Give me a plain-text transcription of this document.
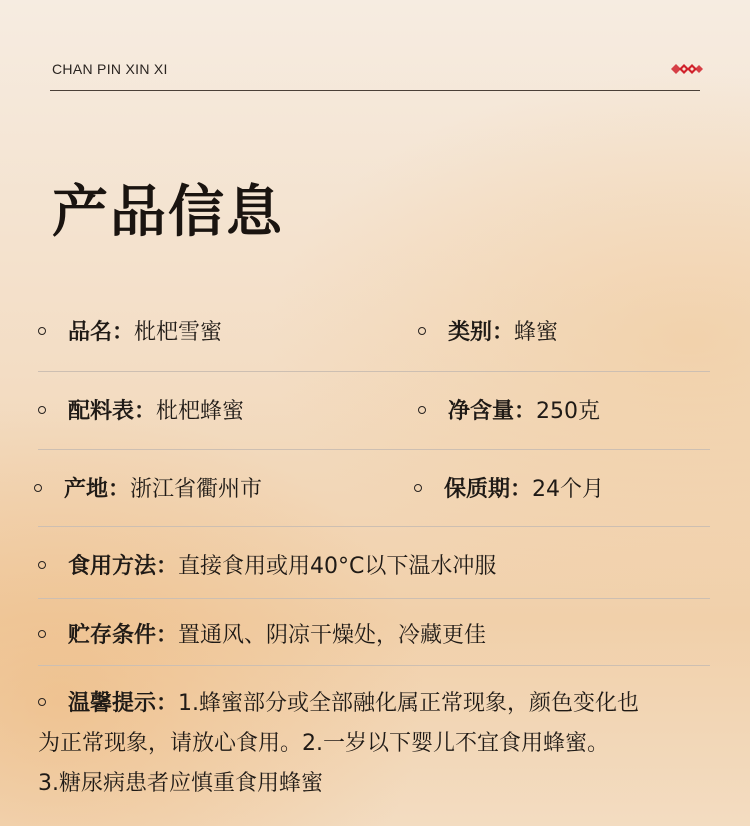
CHAN PIN XIN XI
产品信息
品名：枇杷雪蜜	类别：蜂蜜
配料表：枇杷蜂蜜	净含量：250克
产地：浙江省衢州市	保质期：24个月
食用方法：直接食用或用40°C以下温水冲服
贮存条件：置通风、阴凉干燥处，冷藏更佳
温馨提示：1.蜂蜜部分或全部融化属正常现象，颜色变化也
为正常现象，请放心食用。2.一岁以下婴儿不宜食用蜂蜜。
3.糖尿病患者应慎重食用蜂蜜
